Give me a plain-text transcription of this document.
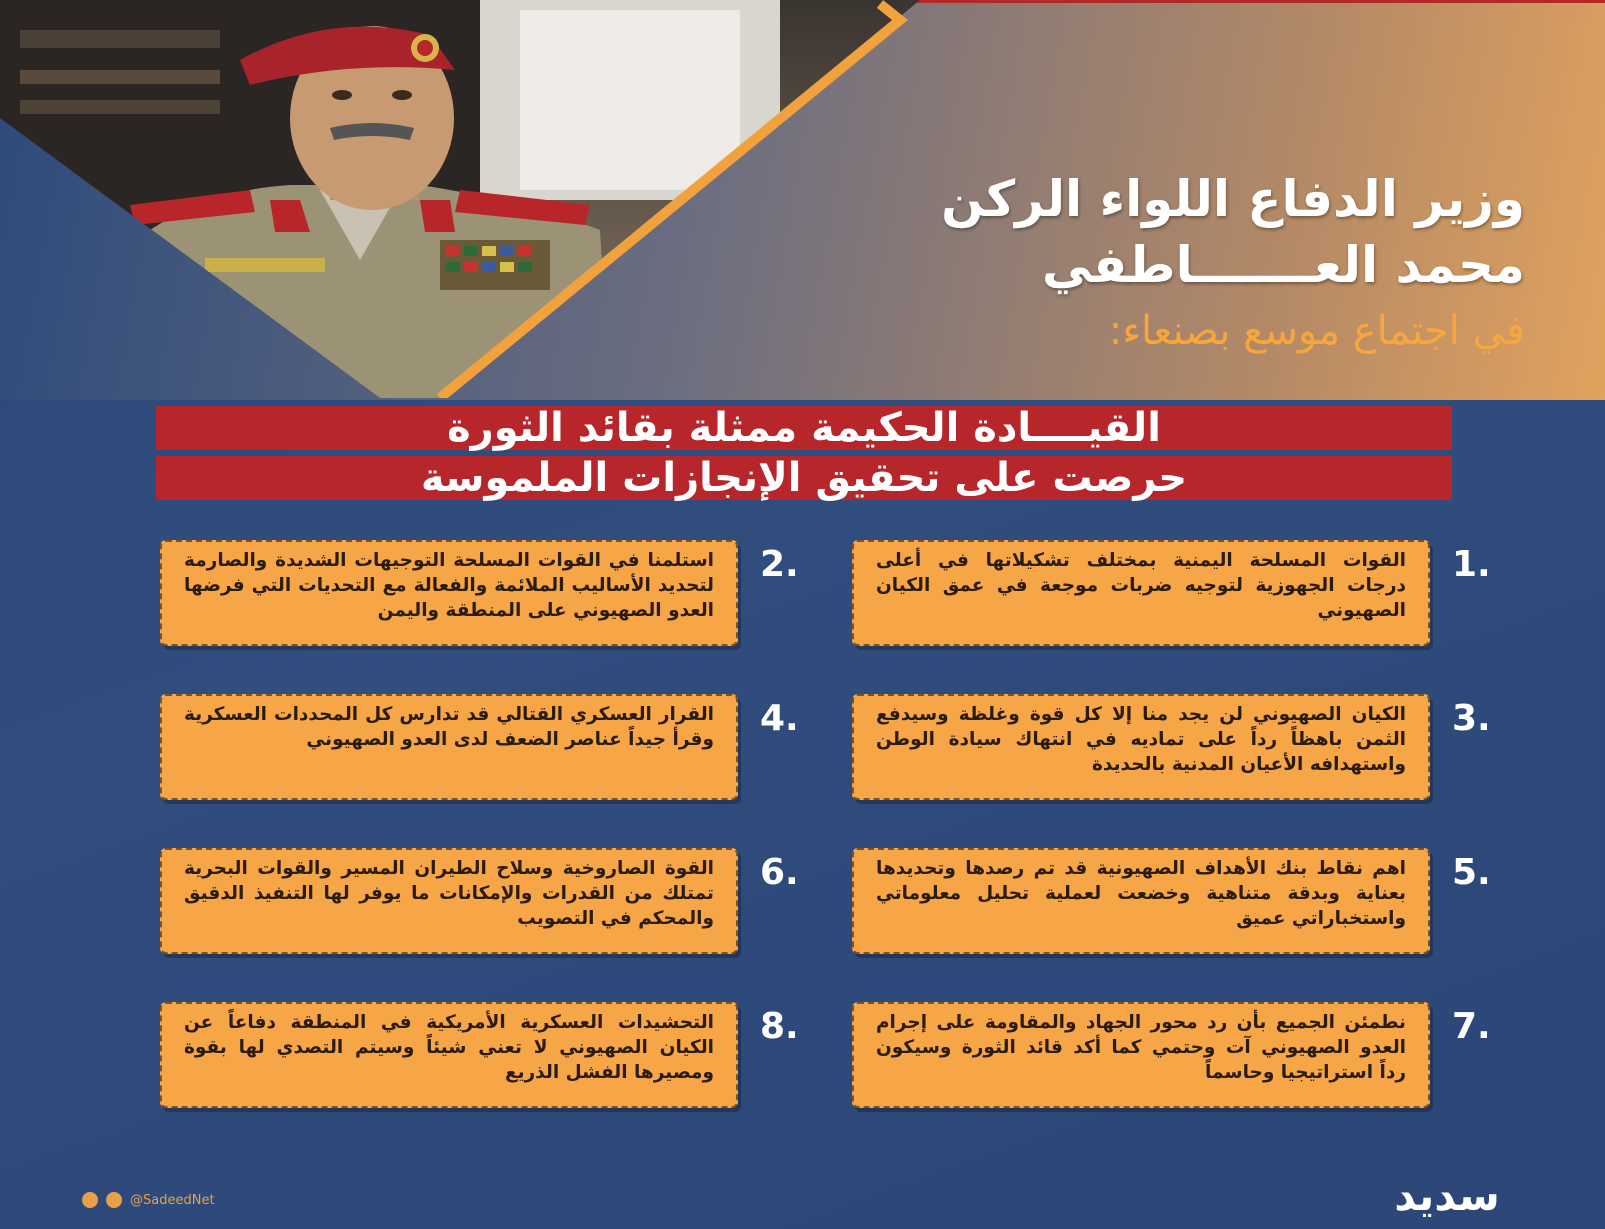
وزير الدفاع اللواء الركن
محمد العـــــــاطفي
في اجتماع موسع بصنعاء:
القيــــادة الحكيمة ممثلة بقائد الثورة
حرصت على تحقيق الإنجازات الملموسة
القوات المسلحة اليمنية بمختلف تشكيلاتها في أعلى درجات الجهوزية لتوجيه ضربات موجعة في عمق الكيان الصهيوني
1.
استلمنا في القوات المسلحة التوجيهات الشديدة والصارمة لتحديد الأساليب الملائمة والفعالة مع التحديات التي فرضها العدو الصهيوني على المنطقة واليمن
2.
الكيان الصهيوني لن يجد منا إلا كل قوة وغلظة وسيدفع الثمن باهظاً رداً على تماديه في انتهاك سيادة الوطن واستهدافه الأعيان المدنية بالحديدة
3.
القرار العسكري القتالي قد تدارس كل المحددات العسكرية وقرأ جيداً عناصر الضعف لدى العدو الصهيوني
4.
اهم نقاط بنك الأهداف الصهيونية قد تم رصدها وتحديدها بعناية وبدقة متناهية وخضعت لعملية تحليل معلوماتي واستخباراتي عميق
5.
القوة الصاروخية وسلاح الطيران المسير والقوات البحرية تمتلك من القدرات والإمكانات ما يوفر لها التنفيذ الدقيق والمحكم في التصويب
6.
نطمئن الجميع بأن رد محور الجهاد والمقاومة على إجرام العدو الصهيوني آت وحتمي كما أكد قائد الثورة وسيكون رداً استراتيجيا وحاسماً
7.
التحشيدات العسكرية الأمريكية في المنطقة دفاعاً عن الكيان الصهيوني لا تعني شيئاً وسيتم التصدي لها بقوة ومصيرها الفشل الذريع
8.
@SadeedNet	سديد
